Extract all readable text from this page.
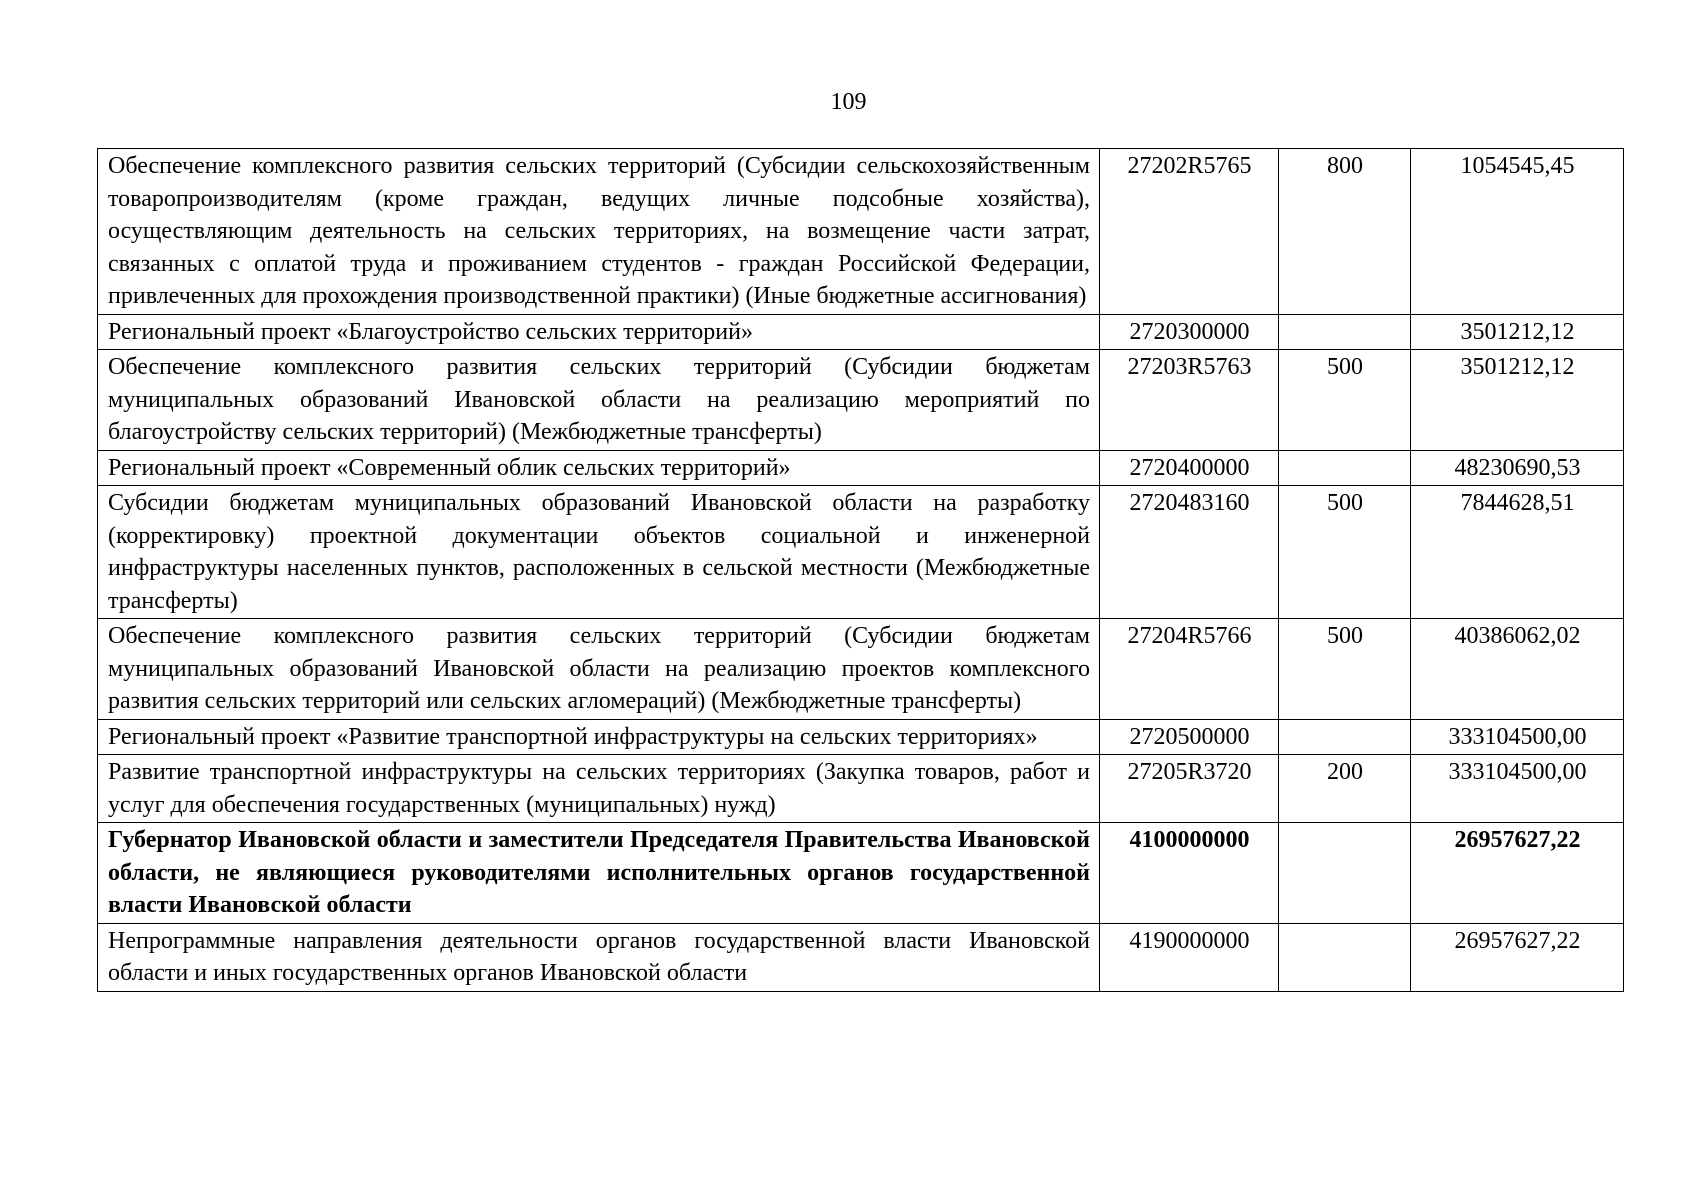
109
Обеспечение комплексного развития сельских территорий (Субсидии сельскохозяйственным товаропроизводителям (кроме граждан, ведущих личные подсобные хозяйства), осуществляющим деятельность на сельских территориях, на возмещение части затрат, связанных с оплатой труда и проживанием студентов - граждан Российской Федерации, привлеченных для прохождения производственной практики) (Иные бюджетные ассигнования)	27202R5765	800	1054545,45
Региональный проект «Благоустройство сельских территорий»	2720300000		3501212,12
Обеспечение комплексного развития сельских территорий (Субсидии бюджетам муниципальных образований Ивановской области на реализацию мероприятий по благоустройству сельских территорий) (Межбюджетные трансферты)	27203R5763	500	3501212,12
Региональный проект «Современный облик сельских территорий»	2720400000		48230690,53
Субсидии бюджетам муниципальных образований Ивановской области на разработку (корректировку) проектной документации объектов социальной и инженерной инфраструктуры населенных пунктов, расположенных в сельской местности (Межбюджетные трансферты)	2720483160	500	7844628,51
Обеспечение комплексного развития сельских территорий (Субсидии бюджетам муниципальных образований Ивановской области на реализацию проектов комплексного развития сельских территорий или сельских агломераций) (Межбюджетные трансферты)	27204R5766	500	40386062,02
Региональный проект «Развитие транспортной инфраструктуры на сельских территориях»	2720500000		333104500,00
Развитие транспортной инфраструктуры на сельских территориях (Закупка товаров, работ и услуг для обеспечения государственных (муниципальных) нужд)	27205R3720	200	333104500,00
Губернатор Ивановской области и заместители Председателя Правительства Ивановской области, не являющиеся руководителями исполнительных органов государственной власти Ивановской области	4100000000		26957627,22
Непрограммные направления деятельности органов государственной власти Ивановской области и иных государственных органов Ивановской области	4190000000		26957627,22
